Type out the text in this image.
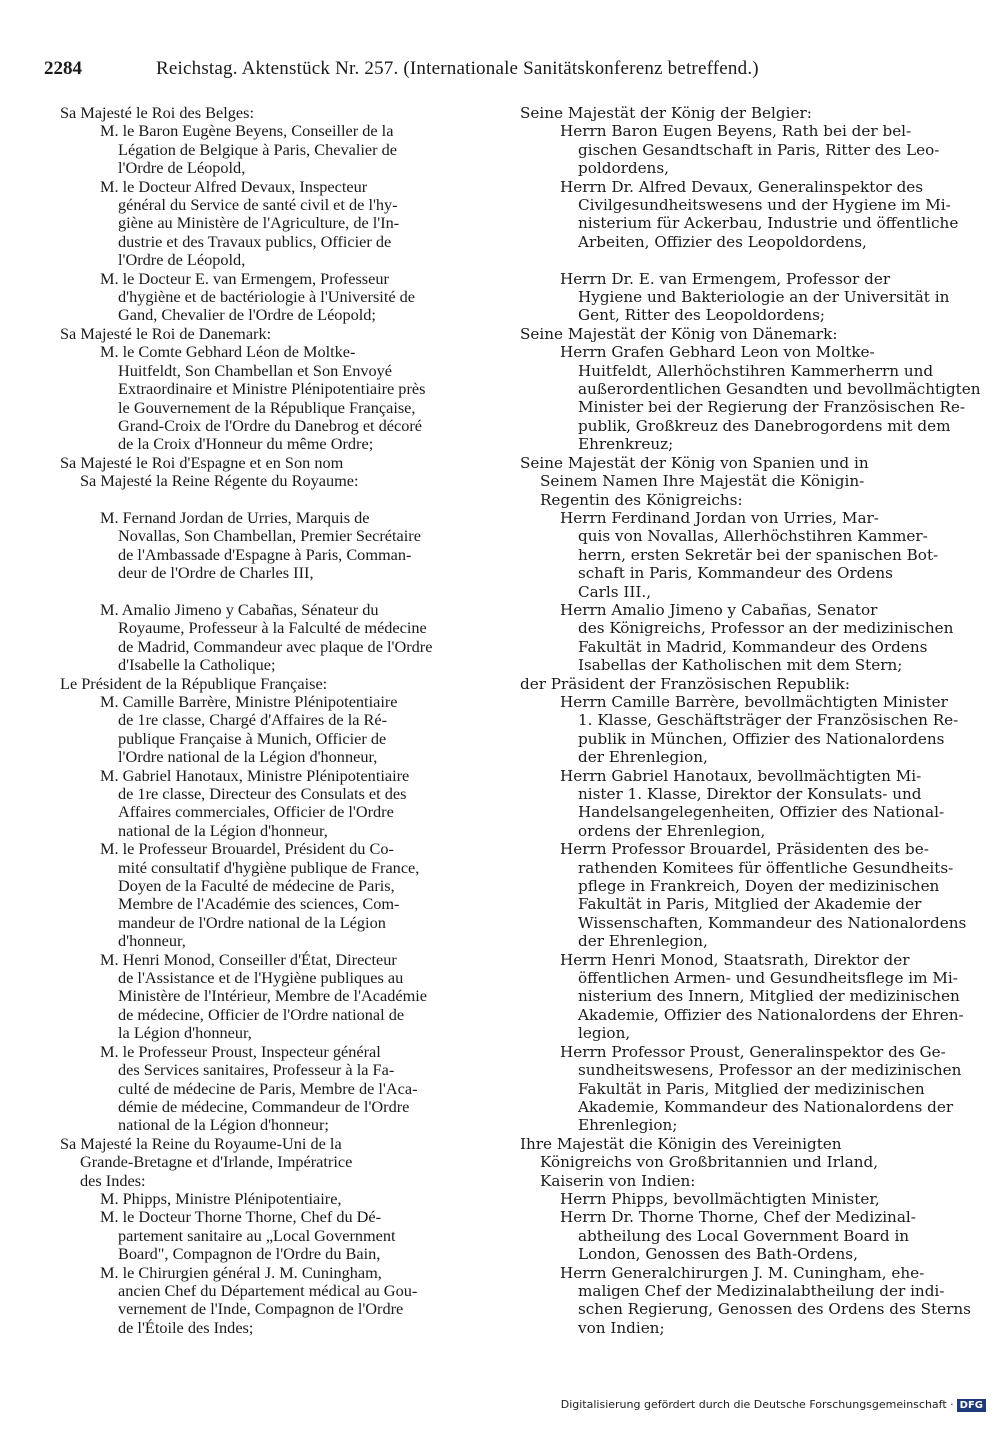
2284	Reichstag. Aktenstück Nr. 257. (Internationale Sanitätskonferenz betreffend.)
Sa Majesté le Roi des Belges:
M. le Baron Eugène Beyens, Conseiller de la
Légation de Belgique à Paris, Chevalier de
l'Ordre de Léopold,
M. le Docteur Alfred Devaux, Inspecteur
général du Service de santé civil et de l'hy-
giène au Ministère de l'Agriculture, de l'In-
dustrie et des Travaux publics, Officier de
l'Ordre de Léopold,
M. le Docteur E. van Ermengem, Professeur
d'hygiène et de bactériologie à l'Université de
Gand, Chevalier de l'Ordre de Léopold;
Sa Majesté le Roi de Danemark:
M. le Comte Gebhard Léon de Moltke-
Huitfeldt, Son Chambellan et Son Envoyé
Extraordinaire et Ministre Plénipotentiaire près
le Gouvernement de la République Française,
Grand-Croix de l'Ordre du Danebrog et décoré
de la Croix d'Honneur du même Ordre;
Sa Majesté le Roi d'Espagne et en Son nom
Sa Majesté la Reine Régente du Royaume:
M. Fernand Jordan de Urries, Marquis de
Novallas, Son Chambellan, Premier Secrétaire
de l'Ambassade d'Espagne à Paris, Comman-
deur de l'Ordre de Charles III,
M. Amalio Jimeno y Cabañas, Sénateur du
Royaume, Professeur à la Falculté de médecine
de Madrid, Commandeur avec plaque de l'Ordre
d'Isabelle la Catholique;
Le Président de la République Française:
M. Camille Barrère, Ministre Plénipotentiaire
de 1re classe, Chargé d'Affaires de la Ré-
publique Française à Munich, Officier de
l'Ordre national de la Légion d'honneur,
M. Gabriel Hanotaux, Ministre Plénipotentiaire
de 1re classe, Directeur des Consulats et des
Affaires commerciales, Officier de l'Ordre
national de la Légion d'honneur,
M. le Professeur Brouardel, Président du Co-
mité consultatif d'hygiène publique de France,
Doyen de la Faculté de médecine de Paris,
Membre de l'Académie des sciences, Com-
mandeur de l'Ordre national de la Légion
d'honneur,
M. Henri Monod, Conseiller d'État, Directeur
de l'Assistance et de l'Hygiène publiques au
Ministère de l'Intérieur, Membre de l'Académie
de médecine, Officier de l'Ordre national de
la Légion d'honneur,
M. le Professeur Proust, Inspecteur général
des Services sanitaires, Professeur à la Fa-
culté de médecine de Paris, Membre de l'Aca-
démie de médecine, Commandeur de l'Ordre
national de la Légion d'honneur;
Sa Majesté la Reine du Royaume-Uni de la
Grande-Bretagne et d'Irlande, Impératrice
des Indes:
M. Phipps, Ministre Plénipotentiaire,
M. le Docteur Thorne Thorne, Chef du Dé-
partement sanitaire au „Local Government
Board", Compagnon de l'Ordre du Bain,
M. le Chirurgien général J. M. Cuningham,
ancien Chef du Département médical au Gou-
vernement de l'Inde, Compagnon de l'Ordre
de l'Étoile des Indes;
Seine Majestät der König der Belgier:
Herrn Baron Eugen Beyens, Rath bei der bel-
gischen Gesandtschaft in Paris, Ritter des Leo-
poldordens,
Herrn Dr. Alfred Devaux, Generalinspektor des
Civilgesundheitswesens und der Hygiene im Mi-
nisterium für Ackerbau, Industrie und öffentliche
Arbeiten, Offizier des Leopoldordens,
Herrn Dr. E. van Ermengem, Professor der
Hygiene und Bakteriologie an der Universität in
Gent, Ritter des Leopoldordens;
Seine Majestät der König von Dänemark:
Herrn Grafen Gebhard Leon von Moltke-
Huitfeldt, Allerhöchstihren Kammerherrn und
außerordentlichen Gesandten und bevollmächtigten
Minister bei der Regierung der Französischen Re-
publik, Großkreuz des Danebrogordens mit dem
Ehrenkreuz;
Seine Majestät der König von Spanien und in
Seinem Namen Ihre Majestät die Königin-
Regentin des Königreichs:
Herrn Ferdinand Jordan von Urries, Mar-
quis von Novallas, Allerhöchstihren Kammer-
herrn, ersten Sekretär bei der spanischen Bot-
schaft in Paris, Kommandeur des Ordens
Carls III.,
Herrn Amalio Jimeno y Cabañas, Senator
des Königreichs, Professor an der medizinischen
Fakultät in Madrid, Kommandeur des Ordens
Isabellas der Katholischen mit dem Stern;
der Präsident der Französischen Republik:
Herrn Camille Barrère, bevollmächtigten Minister
1. Klasse, Geschäftsträger der Französischen Re-
publik in München, Offizier des Nationalordens
der Ehrenlegion,
Herrn Gabriel Hanotaux, bevollmächtigten Mi-
nister 1. Klasse, Direktor der Konsulats- und
Handelsangelegenheiten, Offizier des National-
ordens der Ehrenlegion,
Herrn Professor Brouardel, Präsidenten des be-
rathenden Komitees für öffentliche Gesundheits-
pflege in Frankreich, Doyen der medizinischen
Fakultät in Paris, Mitglied der Akademie der
Wissenschaften, Kommandeur des Nationalordens
der Ehrenlegion,
Herrn Henri Monod, Staatsrath, Direktor der
öffentlichen Armen- und Gesundheitsflege im Mi-
nisterium des Innern, Mitglied der medizinischen
Akademie, Offizier des Nationalordens der Ehren-
legion,
Herrn Professor Proust, Generalinspektor des Ge-
sundheitswesens, Professor an der medizinischen
Fakultät in Paris, Mitglied der medizinischen
Akademie, Kommandeur des Nationalordens der
Ehrenlegion;
Ihre Majestät die Königin des Vereinigten
Königreichs von Großbritannien und Irland,
Kaiserin von Indien:
Herrn Phipps, bevollmächtigten Minister,
Herrn Dr. Thorne Thorne, Chef der Medizinal-
abtheilung des Local Government Board in
London, Genossen des Bath-Ordens,
Herrn Generalchirurgen J. M. Cuningham, ehe-
maligen Chef der Medizinalabtheilung der indi-
schen Regierung, Genossen des Ordens des Sterns
von Indien;
Digitalisierung gefördert durch die Deutsche Forschungsgemeinschaft · DFG
